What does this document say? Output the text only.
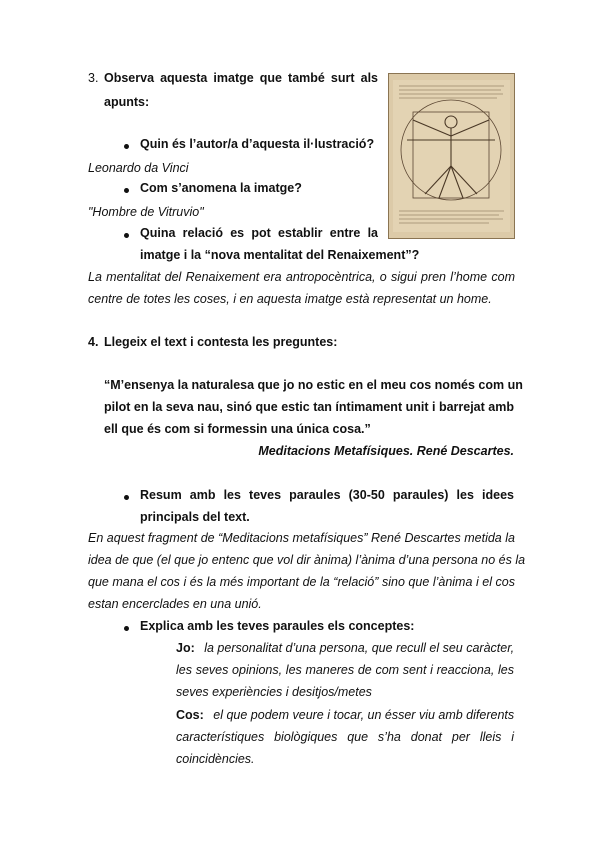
3. Observa aquesta imatge que també surt als
apunts:
Quin és l’autor/a d’aquesta il·lustració?
Leonardo da Vinci
Com s’anomena la imatge?
"Hombre de Vitruvio"
Quina relació es pot establir entre la
imatge i la “nova mentalitat del Renaixement”?
La mentalitat del Renaixement era antropocèntrica, o sigui pren l’home com
centre de totes les coses, i en aquesta imatge està representat un home.
4. Llegeix el text i contesta les preguntes:
“M’ensenya la naturalesa que jo no estic en el meu cos només com un
pilot en la seva nau, sinó que estic tan íntimament unit i barrejat amb
ell que és com si formessin una única cosa.”
Meditacions Metafísiques. René Descartes.
Resum amb les teves paraules (30-50 paraules) les idees
principals del text.
En aquest fragment de “Meditacions metafísiques” René Descartes metida la
idea de que (el que jo entenc que vol dir ànima) l’ànima d’una persona no és la
que mana el cos i és la més important de la “relació” sino que l’ànima i el cos
estan encerclades en una unió.
Explica amb les teves paraules els conceptes:
Jo: la personalitat d’una persona, que recull el seu caràcter,
les seves opinions, les maneres de com sent i reacciona, les
seves experiències i desitjos/metes
Cos: el que podem veure i tocar, un ésser viu amb diferents
característiques biològiques que s’ha donat per lleis i
coincidències.
